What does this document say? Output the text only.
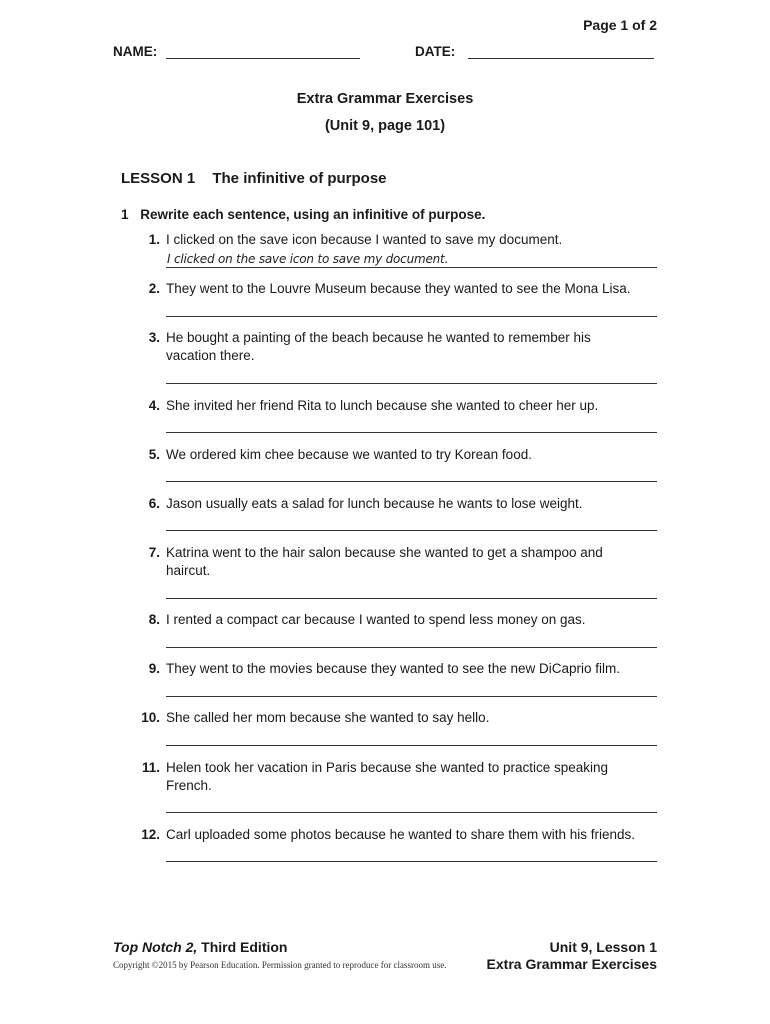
Page 1 of 2
NAME:	DATE:
Extra Grammar Exercises
(Unit 9, page 101)
LESSON 1 The infinitive of purpose
1 Rewrite each sentence, using an infinitive of purpose.
1. I clicked on the save icon because I wanted to save my document.
I clicked on the save icon to save my document.
2. They went to the Louvre Museum because they wanted to see the Mona Lisa.
3. He bought a painting of the beach because he wanted to remember his vacation there.
4. She invited her friend Rita to lunch because she wanted to cheer her up.
5. We ordered kim chee because we wanted to try Korean food.
6. Jason usually eats a salad for lunch because he wants to lose weight.
7. Katrina went to the hair salon because she wanted to get a shampoo and haircut.
8. I rented a compact car because I wanted to spend less money on gas.
9. They went to the movies because they wanted to see the new DiCaprio film.
10. She called her mom because she wanted to say hello.
11. Helen took her vacation in Paris because she wanted to practice speaking French.
12. Carl uploaded some photos because he wanted to share them with his friends.
Top Notch 2, Third Edition
Copyright ©2015 by Pearson Education. Permission granted to reproduce for classroom use.
Unit 9, Lesson 1
Extra Grammar Exercises
